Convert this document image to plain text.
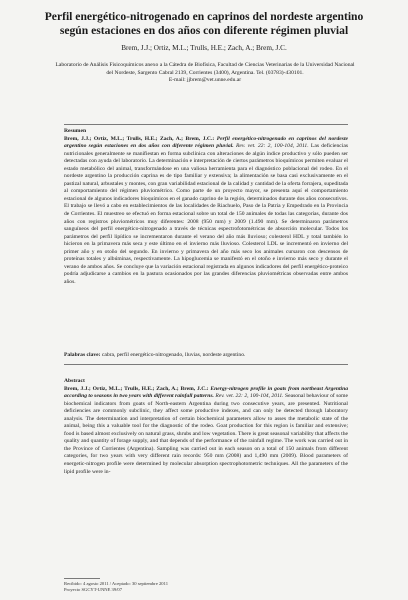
Perfil energético-nitrogenado en caprinos del nordeste argentino según estaciones en dos años con diferente régimen pluvial
Brem, J.J.; Ortiz, M.L.; Trulls, H.E.; Zach, A.; Brem, J.C.
Laboratorio de Análisis Fisicoquímicos anexo a la Cátedra de Biofísica, Facultad de Ciencias Veterinarias de la Universidad Nacional del Nordeste, Sargento Cabral 2139, Corrientes (3400), Argentina. Tel. (03783)-430101.
E-mail: jjbrem@vet.unne.edu.ar
Resumen
Brem, J.J.; Ortiz, M.L.; Trulls, H.E.; Zach, A.; Brem, J.C.: Perfil energético-nitrogenado en caprinos del nordeste argentino según estaciones en dos años con diferente régimen pluvial. Rev. vet. 22: 2, 100-104, 2011. Las deficiencias nutricionales generalmente se manifiestan en forma subclínica con alteraciones de algún índice productivo y sólo pueden ser detectadas con ayuda del laboratorio. La determinación e interpretación de ciertos parámetros bioquímicos permiten evaluar el estado metabólico del animal, transformándose en una valiosa herramienta para el diagnóstico poblacional del rodeo. En el nordeste argentino la producción caprina es de tipo familiar y extensiva; la alimentación se basa casi exclusivamente en el pastizal natural, arbustales y montes, con gran variabilidad estacional de la calidad y cantidad de la oferta forrajera, supeditada al comportamiento del régimen pluviométrico. Como parte de un proyecto mayor, se presenta aquí el comportamiento estacional de algunos indicadores bioquímicos en el ganado caprino de la región, determinados durante dos años consecutivos. El trabajo se llevó a cabo en establecimientos de las localidades de Riachuelo, Paso de la Patria y Empedrado en la Provincia de Corrientes. El muestreo se efectuó en forma estacional sobre un total de 150 animales de todas las categorías, durante dos años con registros pluviométricos muy diferentes: 2008 (950 mm) y 2009 (1.490 mm). Se determinaron parámetros sanguíneos del perfil energético-nitrogenado a través de técnicas espectrofotométricas de absorción molecular. Todos los parámetros del perfil lipídico se incrementaron durante el verano del año más lluvioso; colesterol HDL y total también lo hicieron en la primavera más seca y este último en el invierno más lluvioso. Colesterol LDL se incrementó en invierno del primer año y en otoño del segundo. En invierno y primavera del año más seco los animales cursaron con descensos de proteínas totales y albúminas, respectivamente. La hipoglucemia se manifestó en el otoño e invierno más seco y durante el verano de ambos años. Se concluye que la variación estacional registrada en algunos indicadores del perfil energético-proteico podría adjudicarse a cambios en la pastura ocasionados por las grandes diferencias pluviométricas observadas entre ambos años.
Palabras clave: cabra, perfil energético-nitrogenado, lluvias, nordeste argentino.
Abstract
Brem, J.J.; Ortiz, M.L.; Trulls, H.E.; Zach, A.; Brem, J.C.: Energy-nitrogen profile in goats from northeast Argentina according to seasons in two years with different rainfall patterns. Rev. vet. 22: 2, 100-104, 2011. Seasonal behaviour of some biochemical indicators from goats of North-eastern Argentina during two consecutive years, are presented. Nutritional deficiencies are commonly subclinic, they affect some productive indexes, and can only be detected through laboratory analysis. The determination and interpretation of certain biochemical parameters allow to asses the metabolic state of the animal, being this a valuable tool for the diagnostic of the rodeo. Goat production for this region is familiar and extensive; food is based almost exclusively on natural grass, shrubs and low vegetation. There is great seasonal variability that affects the quality and quantity of forage supply, and that depends of the performance of the rainfall regime. The work was carried out in the Province of Corrientes (Argentina). Sampling was carried out in each season on a total of 150 animals from different categories, for two years with very different rain records: 950 mm (2008) and 1,490 mm (2009). Blood parameters of energetic-nitrogen profile were determined by molecular absorption spectrophotometric techniques. All the parameters of the lipid profile were in-
Recibido: 4 agosto 2011 / Aceptado: 30 septiembre 2011
Proyecto SGCYT-UNNE 39/07
